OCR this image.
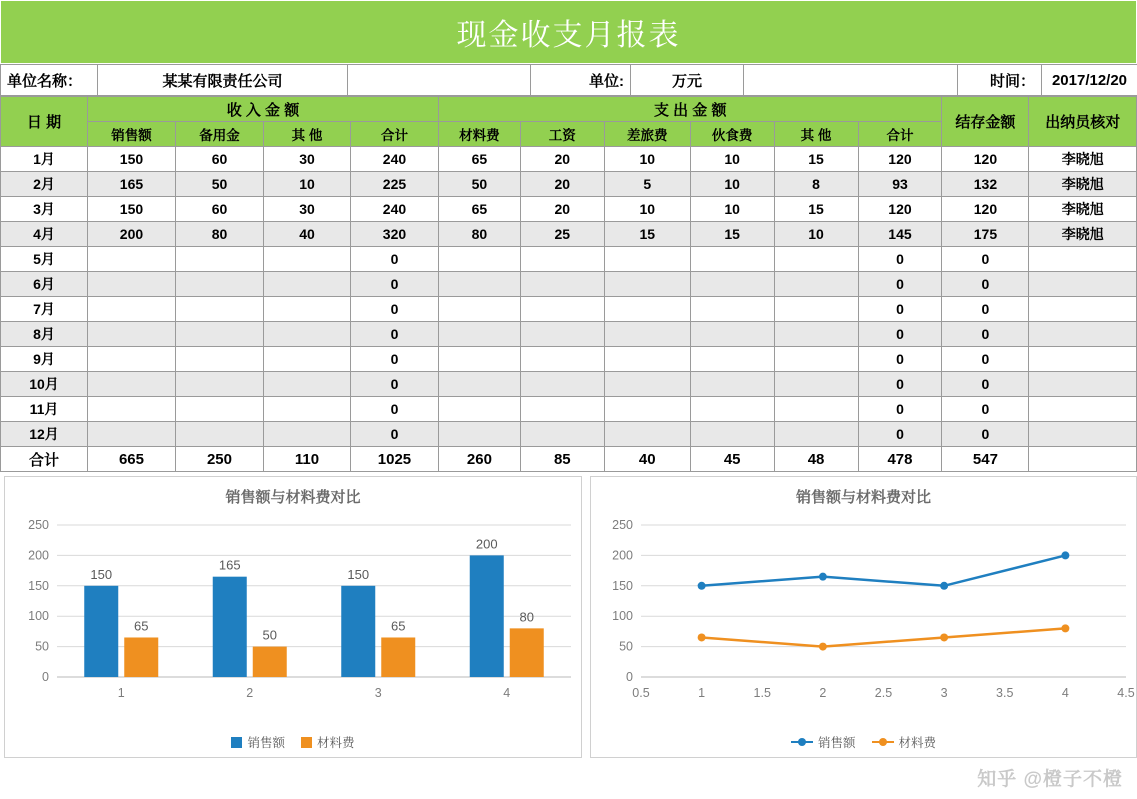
现金收支月报表
单位名称：	某某有限责任公司		单位:	万元		时间：	2017/12/20
日 期	收 入 金 额				支 出 金 额						结存金额	出纳员核对
	销售额	备用金	其 他	合计	材料费	工资	差旅费	伙食费	其 他	合计		
1月	150	60	30	240	65	20	10	10	15	120	120	李晓旭
2月	165	50	10	225	50	20	5	10	8	93	132	李晓旭
3月	150	60	30	240	65	20	10	10	15	120	120	李晓旭
4月	200	80	40	320	80	25	15	15	10	145	175	李晓旭
5月				0						0	0	
6月				0						0	0	
7月				0						0	0	
8月				0						0	0	
9月				0						0	0	
10月				0						0	0	
11月				0						0	0	
12月				0						0	0	
合计	665	250	110	1025	260	85	40	45	48	478	547	
销售额与材料费对比
0
50
100
150
200
250
150
65
1
165
50
2
150
65
3
200
80
4
销售额	材料费
销售额与材料费对比
0
50
100
150
200
250
0.5	1	1.5	2	2.5	3	3.5	4	4.5
销售额	材料费
知乎 @橙子不橙
